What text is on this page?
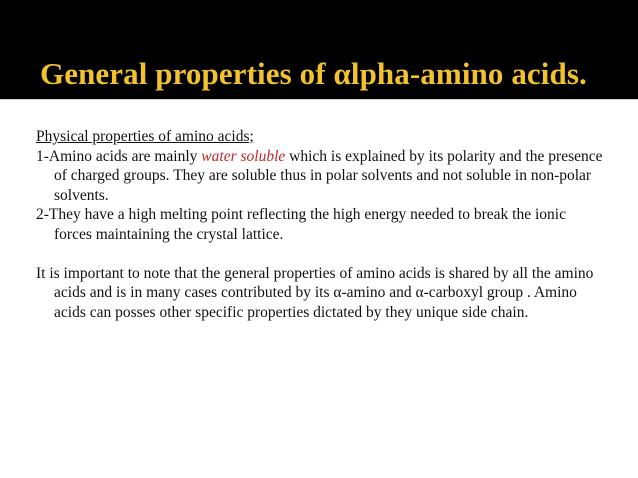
General properties of αlpha-amino acids.

Physical properties of amino acids;

1-Amino acids are mainly water soluble which is explained by its polarity and the presence of charged groups. They are soluble thus in polar solvents and not soluble in non-polar solvents.

2-They have a high melting point reflecting the high energy needed to break the ionic forces maintaining the crystal lattice.

It is important to note that the general properties of amino acids is shared by all the amino acids and is in many cases contributed by its α-amino and α-carboxyl group . Amino acids can posses other specific properties dictated by they unique side chain.
